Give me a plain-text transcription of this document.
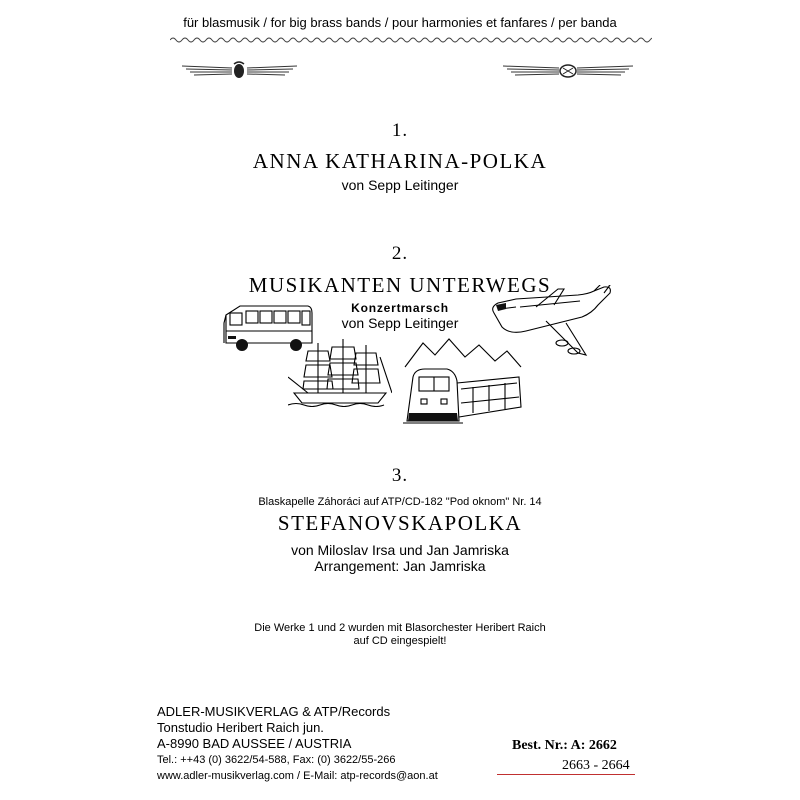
für blasmusik / for big brass bands / pour harmonies et fanfares / per banda
1.
ANNA KATHARINA-POLKA
von Sepp Leitinger
2.
MUSIKANTEN UNTERWEGS
Konzertmarsch
von Sepp Leitinger
3.
Blaskapelle Záhoráci auf ATP/CD-182 "Pod oknom" Nr. 14
STEFANOVSKAPOLKA
von Miloslav Irsa und Jan Jamriska
Arrangement: Jan Jamriska
Die Werke 1 und 2 wurden mit Blasorchester Heribert Raich
auf CD eingespielt!
ADLER-MUSIKVERLAG & ATP/Records
Tonstudio Heribert Raich jun.
A-8990 BAD AUSSEE / AUSTRIA
Tel.: ++43 (0) 3622/54-588, Fax: (0) 3622/55-266
www.adler-musikverlag.com / E-Mail: atp-records@aon.at
Best. Nr.: A: 2662
2663 - 2664
